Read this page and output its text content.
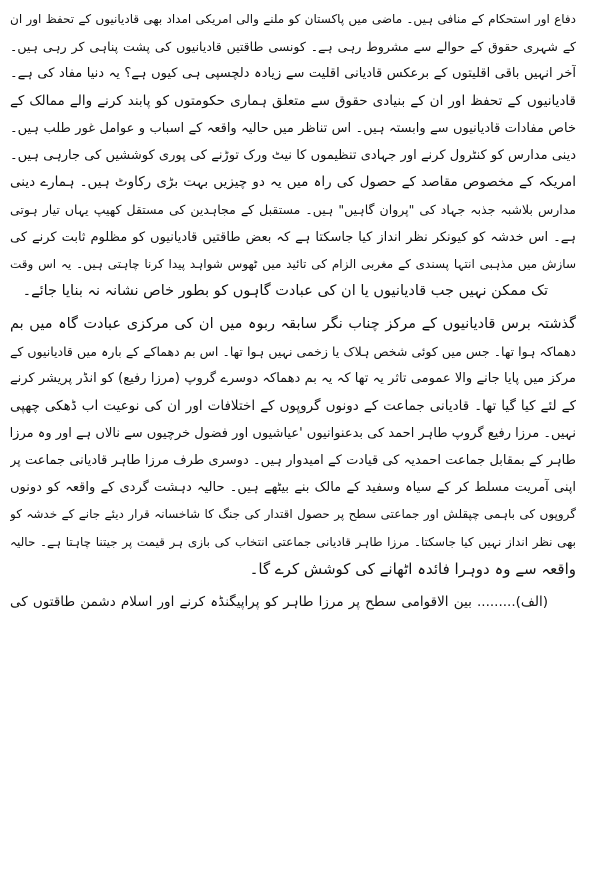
دفاع اور استحکام کے منافی ہیں۔ ماضی میں پاکستان کو ملنے والی امریکی امداد بھی قادیانیوں کے تحفظ اور ان
کے شہری حقوق کے حوالے سے مشروط رہی ہے۔ کونسی طاقتیں قادیانیوں کی پشت پناہی کر رہی ہیں۔
آخر انہیں باقی اقلیتوں کے برعکس قادیانی اقلیت سے زیادہ دلچسپی ہی کیوں ہے؟ یہ دنیا مفاد کی ہے۔
قادیانیوں کے تحفظ اور ان کے بنیادی حقوق سے متعلق ہماری حکومتوں کو پابند کرنے والے ممالک کے
خاص مفادات قادیانیوں سے وابستہ ہیں۔ اس تناظر میں حالیہ واقعہ کے اسباب و عوامل غور طلب ہیں۔
دینی مدارس کو کنٹرول کرنے اور جہادی تنظیموں کا نیٹ ورک توڑنے کی پوری کوششیں کی جارہی ہیں۔
امریکہ کے مخصوص مقاصد کے حصول کی راہ میں یہ دو چیزیں بہت بڑی رکاوٹ ہیں۔ ہمارے دینی
مدارس بلاشبہ جذبہ جہاد کی "پروان گاہیں" ہیں۔ مستقبل کے مجاہدین کی مستقل کھیپ یہاں تیار ہوتی
ہے۔ اس خدشہ کو کیونکر نظر انداز کیا جاسکتا ہے کہ بعض طاقتیں قادیانیوں کو مظلوم ثابت کرنے کی
سازش میں مذہبی انتہا پسندی کے مغربی الزام کی تائید میں ٹھوس شواہد پیدا کرنا چاہتی ہیں۔ یہ اس وقت
تک ممکن نہیں جب قادیانیوں یا ان کی عبادت گاہوں کو بطور خاص نشانہ نہ بنایا جائے۔
گذشتہ برس قادیانیوں کے مرکز چناب نگر سابقہ ربوہ میں ان کی مرکزی عبادت گاہ میں بم
دھماکہ ہوا تھا۔ جس میں کوئی شخص ہلاک یا زخمی نہیں ہوا تھا۔ اس بم دھماکے کے بارہ میں قادیانیوں کے
مرکز میں پایا جانے والا عمومی تاثر یہ تھا کہ یہ بم دھماکہ دوسرے گروپ (مرزا رفیع) کو انڈر پریشر کرنے
کے لئے کیا گیا تھا۔ قادیانی جماعت کے دونوں گروپوں کے اختلافات اور ان کی نوعیت اب ڈھکی چھپی
نہیں۔ مرزا رفیع گروپ طاہر احمد کی بدعنوانیوں 'عیاشیوں اور فضول خرچیوں سے نالاں ہے اور وہ مرزا
طاہر کے بمقابل جماعت احمدیہ کی قیادت کے امیدوار ہیں۔ دوسری طرف مرزا طاہر قادیانی جماعت پر
اپنی آمریت مسلط کر کے سیاہ وسفید کے مالک بنے بیٹھے ہیں۔ حالیہ دہشت گردی کے واقعہ کو دونوں
گروپوں کی باہمی چپقلش اور جماعتی سطح پر حصول اقتدار کی جنگ کا شاخسانہ قرار دیئے جانے کے خدشہ کو
بھی نظر انداز نہیں کیا جاسکتا۔ مرزا طاہر قادیانی جماعتی انتخاب کی بازی ہر قیمت پر جیتنا چاہتا ہے۔ حالیہ
واقعہ سے وہ دوہرا فائدہ اٹھانے کی کوشش کرے گا۔
(الف)......... بین الاقوامی سطح پر مرزا طاہر کو پراپیگنڈہ کرنے اور اسلام دشمن طاقتوں کی
